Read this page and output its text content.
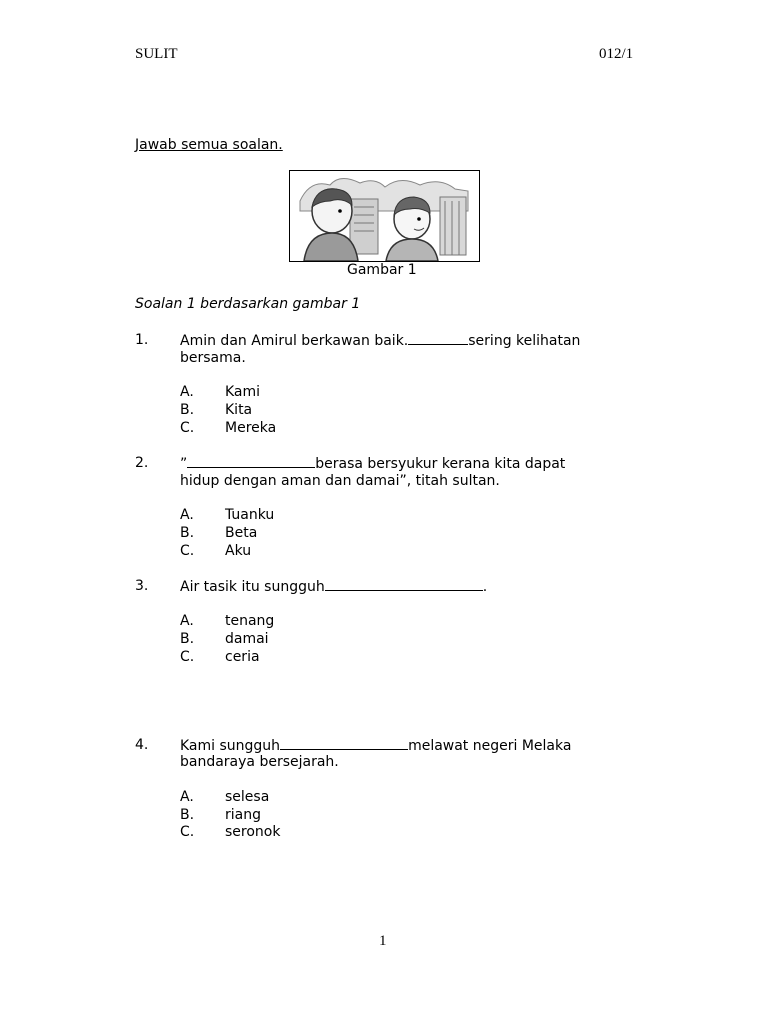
SULIT	012/1
Jawab semua soalan.
Gambar 1
Soalan 1 berdasarkan gambar 1
1. Amin dan Amirul berkawan baik.	sering kelihatan
bersama.
A. Kami
B. Kita
C. Mereka
2. ”	berasa bersyukur kerana kita dapat
hidup dengan aman dan damai”, titah sultan.
A. Tuanku
B. Beta
C. Aku
3. Air tasik itu sungguh	.
A. tenang
B. damai
C. ceria
4. Kami sungguh	melawat negeri Melaka
bandaraya bersejarah.
A. selesa
B. riang
C. seronok
1
